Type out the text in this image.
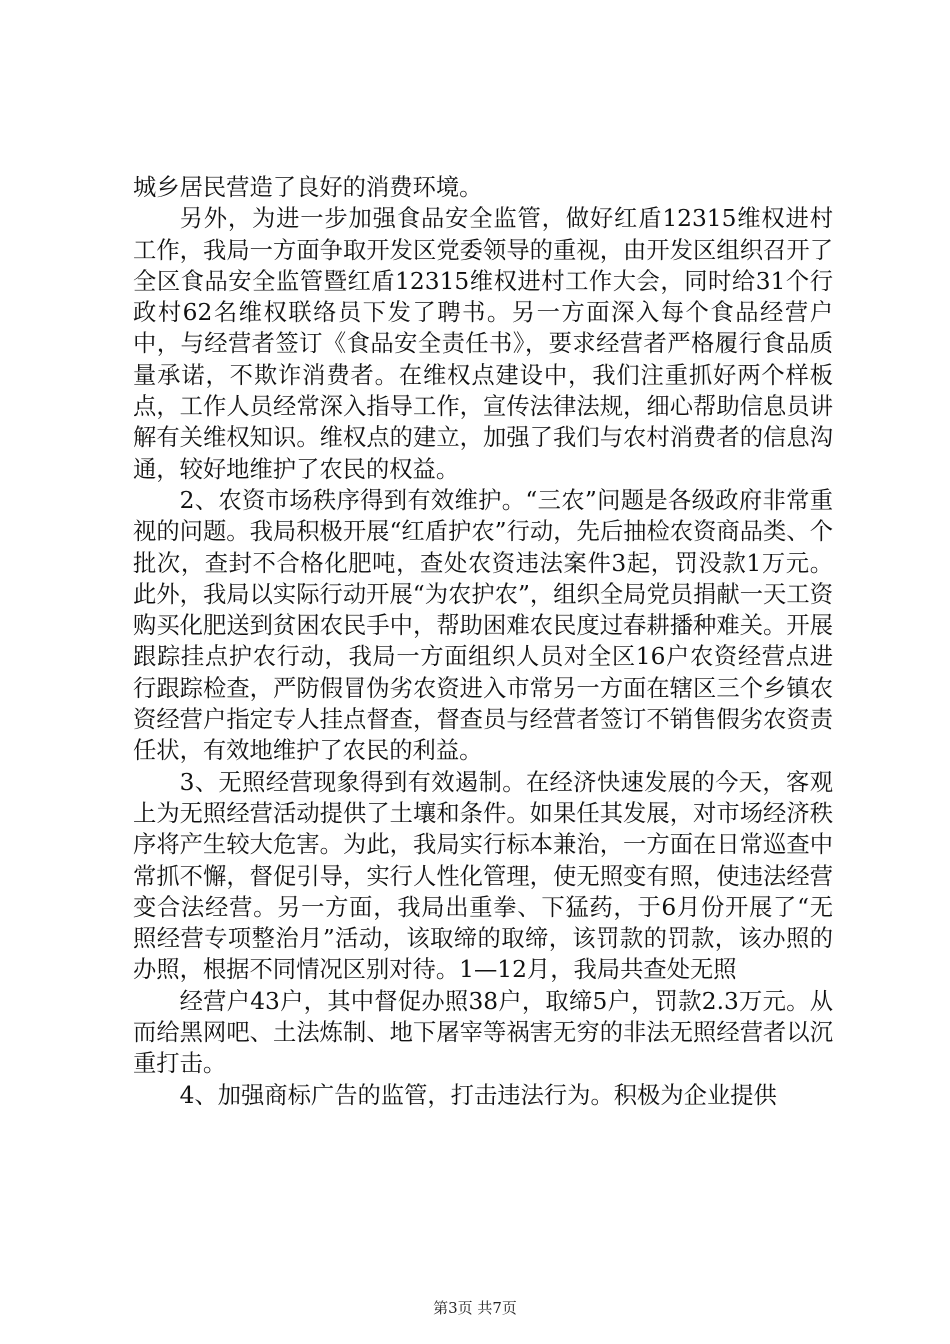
城乡居民营造了良好的消费环境。

另外，为进一步加强食品安全监管，做好红盾12315维权进村工作，我局一方面争取开发区党委领导的重视，由开发区组织召开了全区食品安全监管暨红盾12315维权进村工作大会，同时给31个行政村62名维权联络员下发了聘书。另一方面深入每个食品经营户中，与经营者签订《食品安全责任书》，要求经营者严格履行食品质量承诺，不欺诈消费者。在维权点建设中，我们注重抓好两个样板点，工作人员经常深入指导工作，宣传法律法规，细心帮助信息员讲解有关维权知识。维权点的建立，加强了我们与农村消费者的信息沟通，较好地维护了农民的权益。

2、农资市场秩序得到有效维护。“三农”问题是各级政府非常重视的问题。我局积极开展“红盾护农”行动，先后抽检农资商品类、个批次，查封不合格化肥吨，查处农资违法案件3起，罚没款1万元。此外，我局以实际行动开展“为农护农”，组织全局党员捐献一天工资购买化肥送到贫困农民手中，帮助困难农民度过春耕播种难关。开展跟踪挂点护农行动，我局一方面组织人员对全区16户农资经营点进行跟踪检查，严防假冒伪劣农资进入市常另一方面在辖区三个乡镇农资经营户指定专人挂点督查，督查员与经营者签订不销售假劣农资责任状，有效地维护了农民的利益。

3、无照经营现象得到有效遏制。在经济快速发展的今天，客观上为无照经营活动提供了土壤和条件。如果任其发展，对市场经济秩序将产生较大危害。为此，我局实行标本兼治，一方面在日常巡查中常抓不懈，督促引导，实行人性化管理，使无照变有照，使违法经营变合法经营。另一方面，我局出重拳、下猛药，于6月份开展了“无照经营专项整治月”活动，该取缔的取缔，该罚款的罚款，该办照的办照，根据不同情况区别对待。1—12月，我局共查处无照

经营户43户，其中督促办照38户，取缔5户，罚款2.3万元。从而给黑网吧、土法炼制、地下屠宰等祸害无穷的非法无照经营者以沉重打击。

4、加强商标广告的监管，打击违法行为。积极为企业提供

第3页 共7页
